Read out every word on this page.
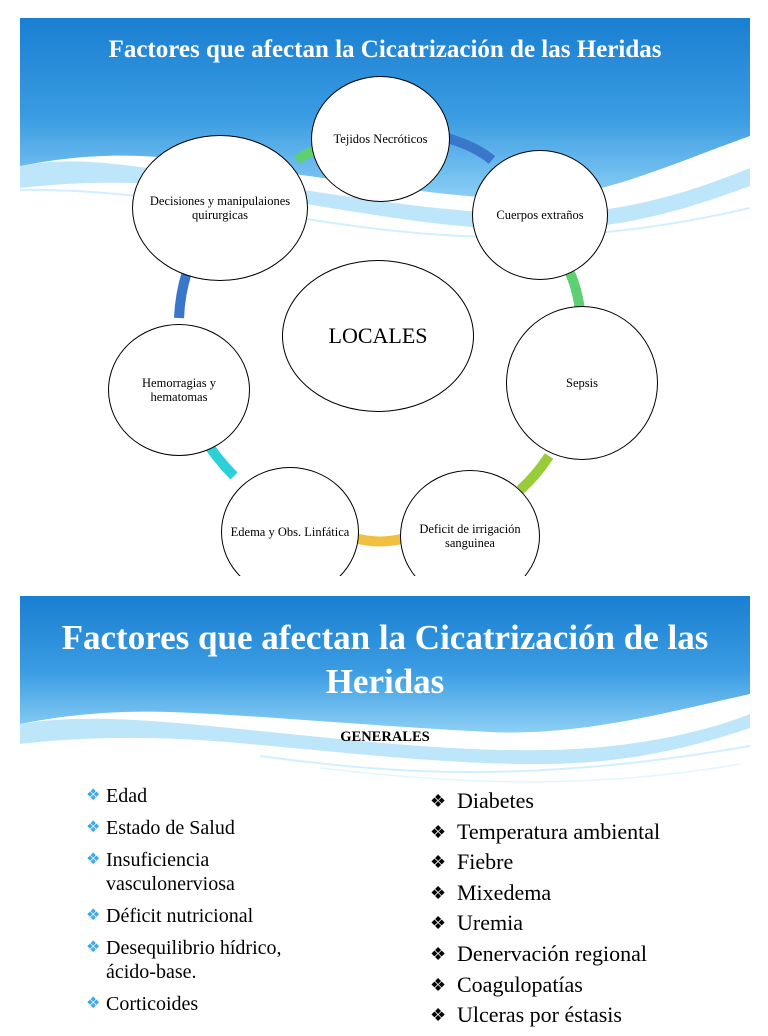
Factores que afectan la Cicatrización de las Heridas
Tejidos Necróticos
Cuerpos extraños
Sepsis
Deficit de irrigación sanguinea
Edema y Obs. Linfática
Hemorragias y hematomas
Decisiones y manipulaiones quirurgicas
LOCALES
Factores que afectan la Cicatrización de las Heridas
GENERALES
❖ Edad
❖ Estado de Salud
❖ Insuficiencia vasculonerviosa
❖ Déficit nutricional
❖ Desequilibrio hídrico, ácido-base.
❖ Corticoides
❖ Diabetes
❖ Temperatura ambiental
❖ Fiebre
❖ Mixedema
❖ Uremia
❖ Denervación regional
❖ Coagulopatías
❖ Ulceras por éstasis
